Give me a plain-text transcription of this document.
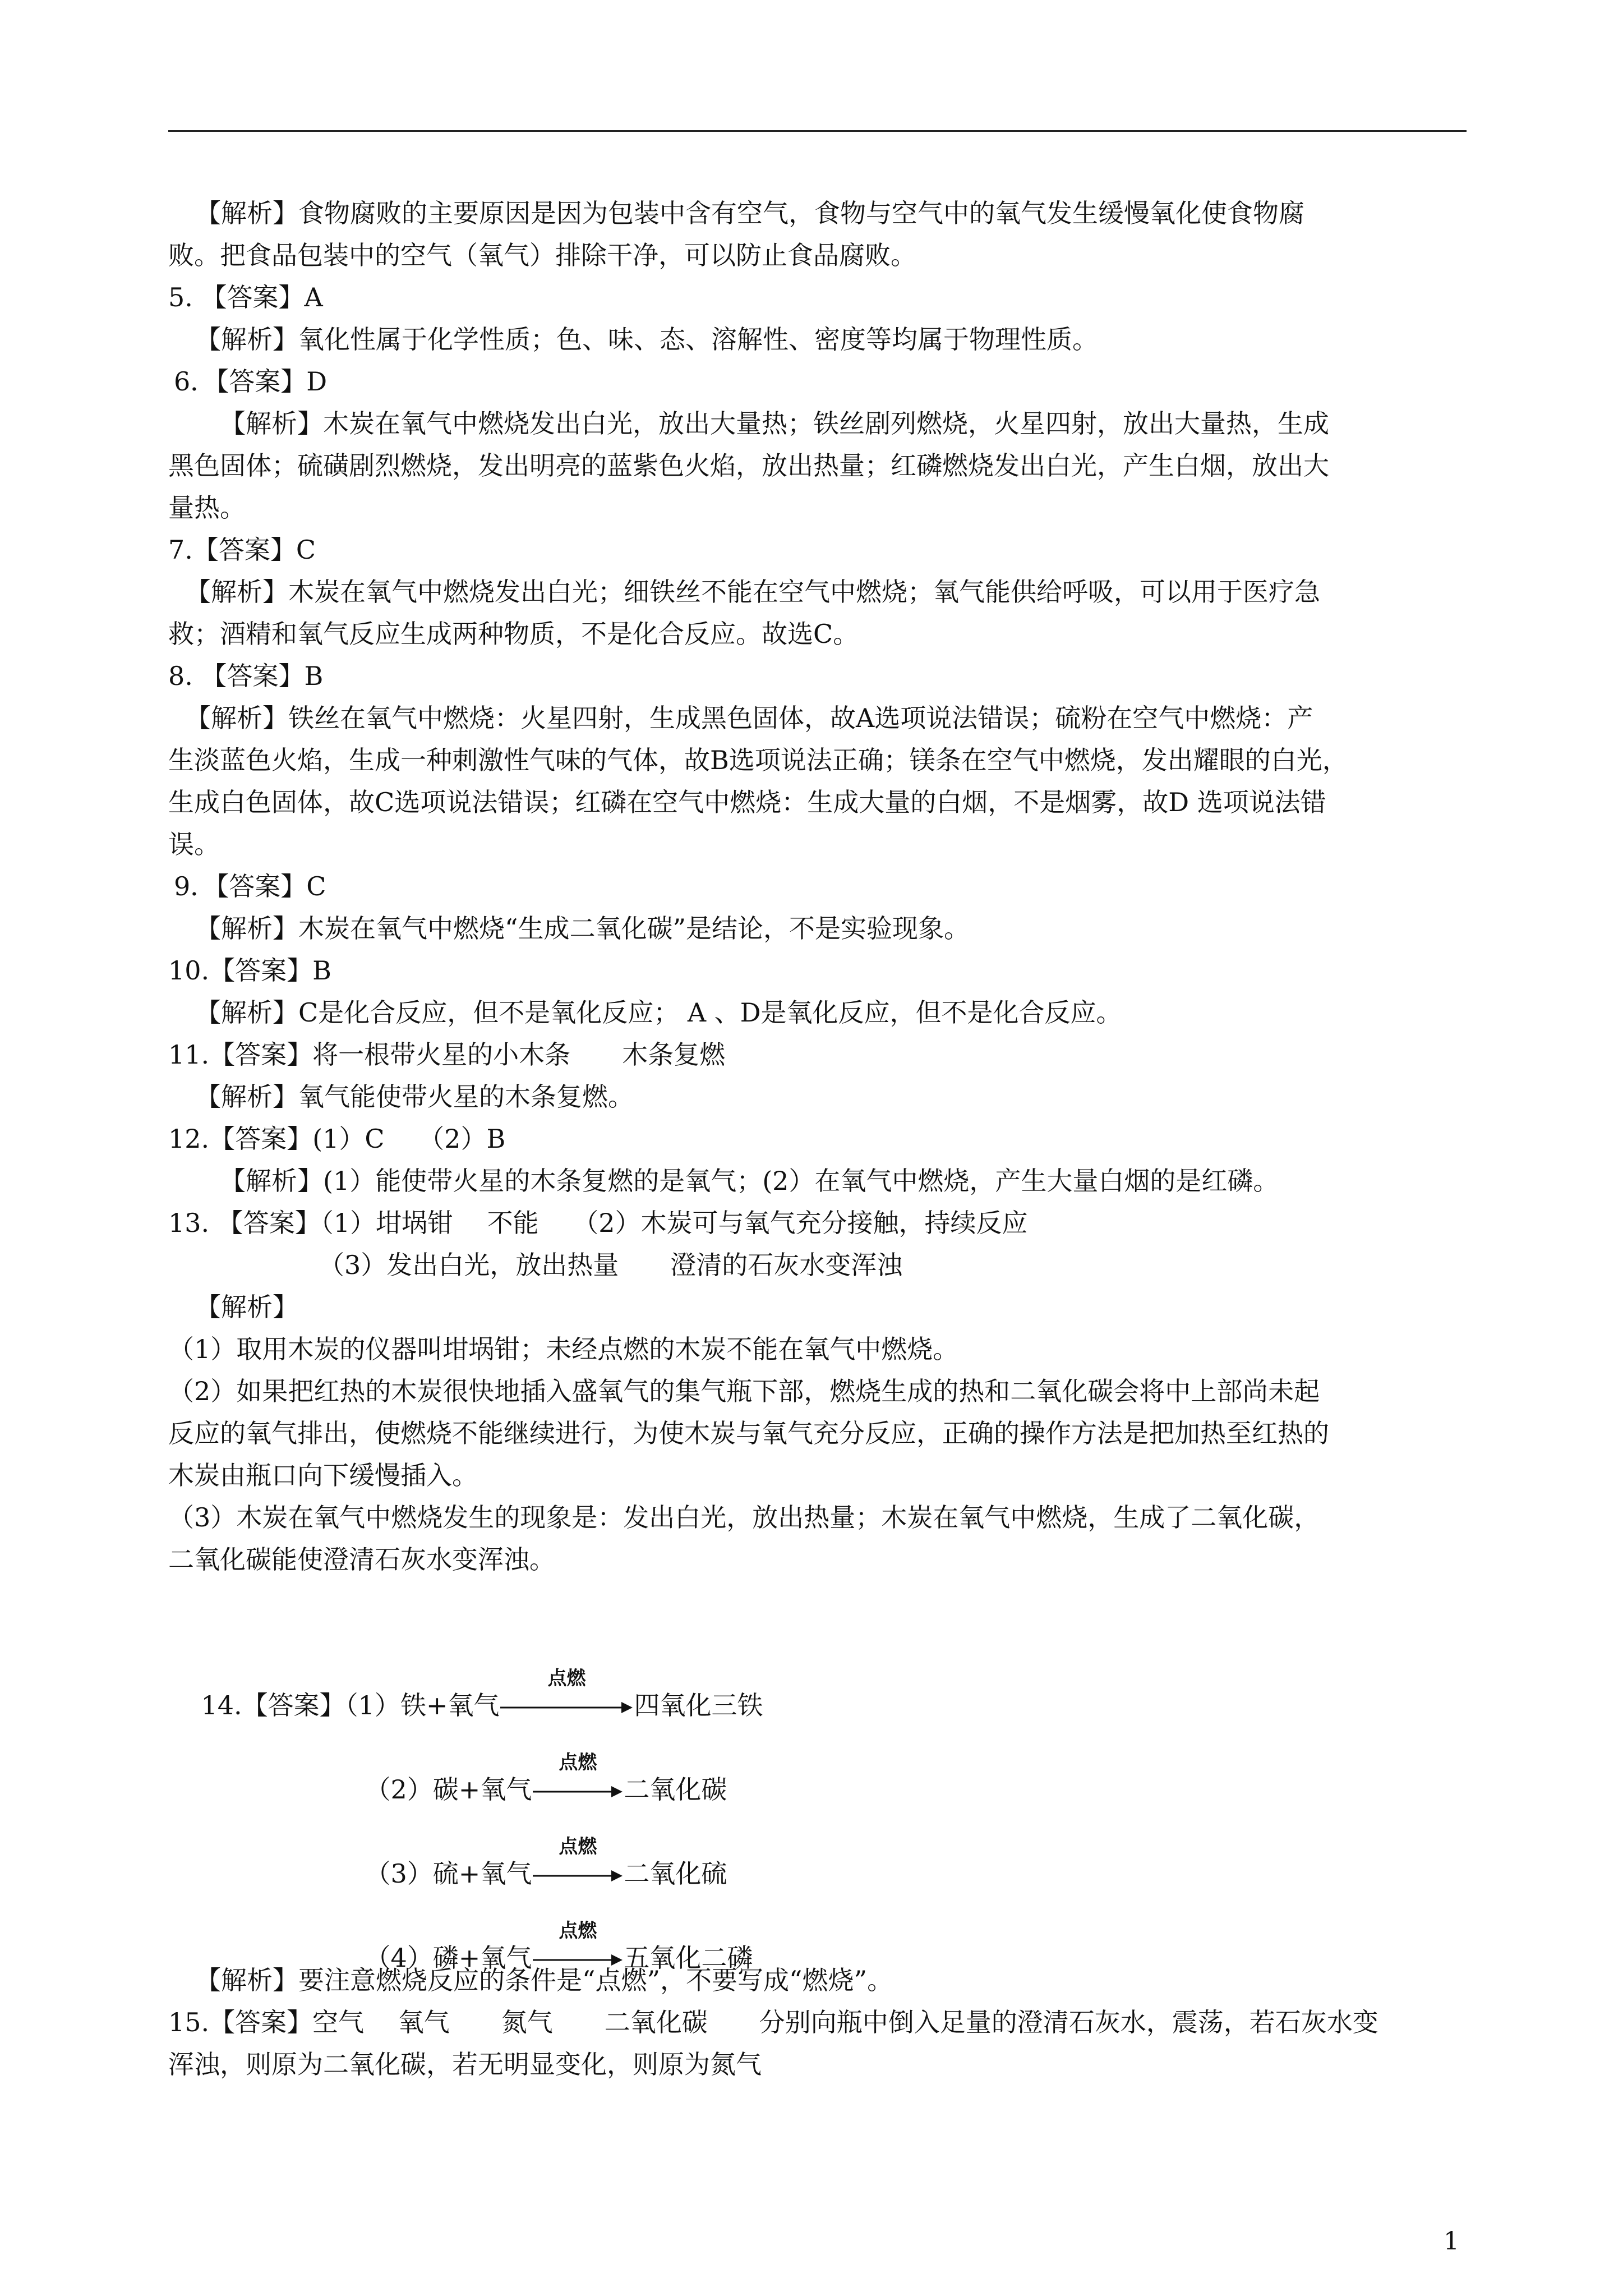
【解析】食物腐败的主要原因是因为包装中含有空气，食物与空气中的氧气发生缓慢氧化使食物腐
败。把食品包装中的空气（氧气）排除干净，可以防止食品腐败。
5. 【答案】A
【解析】氧化性属于化学性质；色、味、态、溶解性、密度等均属于物理性质。
6．【答案】D
【解析】木炭在氧气中燃烧发出白光，放出大量热；铁丝剧列燃烧，火星四射，放出大量热，生成
黑色固体；硫磺剧烈燃烧，发出明亮的蓝紫色火焰，放出热量；红磷燃烧发出白光，产生白烟，放出大
量热。
7.【答案】C
【解析】木炭在氧气中燃烧发出白光；细铁丝不能在空气中燃烧；氧气能供给呼吸，可以用于医疗急
救；酒精和氧气反应生成两种物质，不是化合反应。故选C。
8. 【答案】B
【解析】铁丝在氧气中燃烧：火星四射，生成黑色固体，故A选项说法错误；硫粉在空气中燃烧：产
生淡蓝色火焰，生成一种刺激性气味的气体，故B选项说法正确；镁条在空气中燃烧，发出耀眼的白光，
生成白色固体，故C选项说法错误；红磷在空气中燃烧：生成大量的白烟，不是烟雾，故D 选项说法错
误。
9．【答案】C
【解析】木炭在氧气中燃烧“生成二氧化碳”是结论，不是实验现象。
10.【答案】B
【解析】C是化合反应，但不是氧化反应； A 、D是氧化反应，但不是化合反应。
11.【答案】将一根带火星的小木条　　木条复燃
【解析】氧气能使带火星的木条复燃。
12.【答案】(1）C　 （2）B
【解析】(1）能使带火星的木条复燃的是氧气；(2）在氧气中燃烧，产生大量白烟的是红磷。
13. 【答案】（1）坩埚钳　 不能　 （2）木炭可与氧气充分接触，持续反应
（3）发出白光，放出热量　　澄清的石灰水变浑浊
【解析】
（1）取用木炭的仪器叫坩埚钳；未经点燃的木炭不能在氧气中燃烧。
（2）如果把红热的木炭很快地插入盛氧气的集气瓶下部，燃烧生成的热和二氧化碳会将中上部尚未起
反应的氧气排出，使燃烧不能继续进行，为使木炭与氧气充分反应，正确的操作方法是把加热至红热的
木炭由瓶口向下缓慢插入。
（3）木炭在氧气中燃烧发生的现象是：发出白光，放出热量；木炭在氧气中燃烧，生成了二氧化碳，
二氧化碳能使澄清石灰水变浑浊。

14.【答案】（1）铁+氧气
点燃
四氧化三铁

（2）碳+氧气
点燃
二氧化碳

（3）硫+氧气
点燃
二氧化硫

（4）磷+氧气
点燃
五氧化二磷

【解析】要注意燃烧反应的条件是“点燃”，不要写成“燃烧”。
15.【答案】空气　 氧气　　氮气　　二氧化碳　　分别向瓶中倒入足量的澄清石灰水，震荡，若石灰水变
浑浊，则原为二氧化碳，若无明显变化，则原为氮气
1
